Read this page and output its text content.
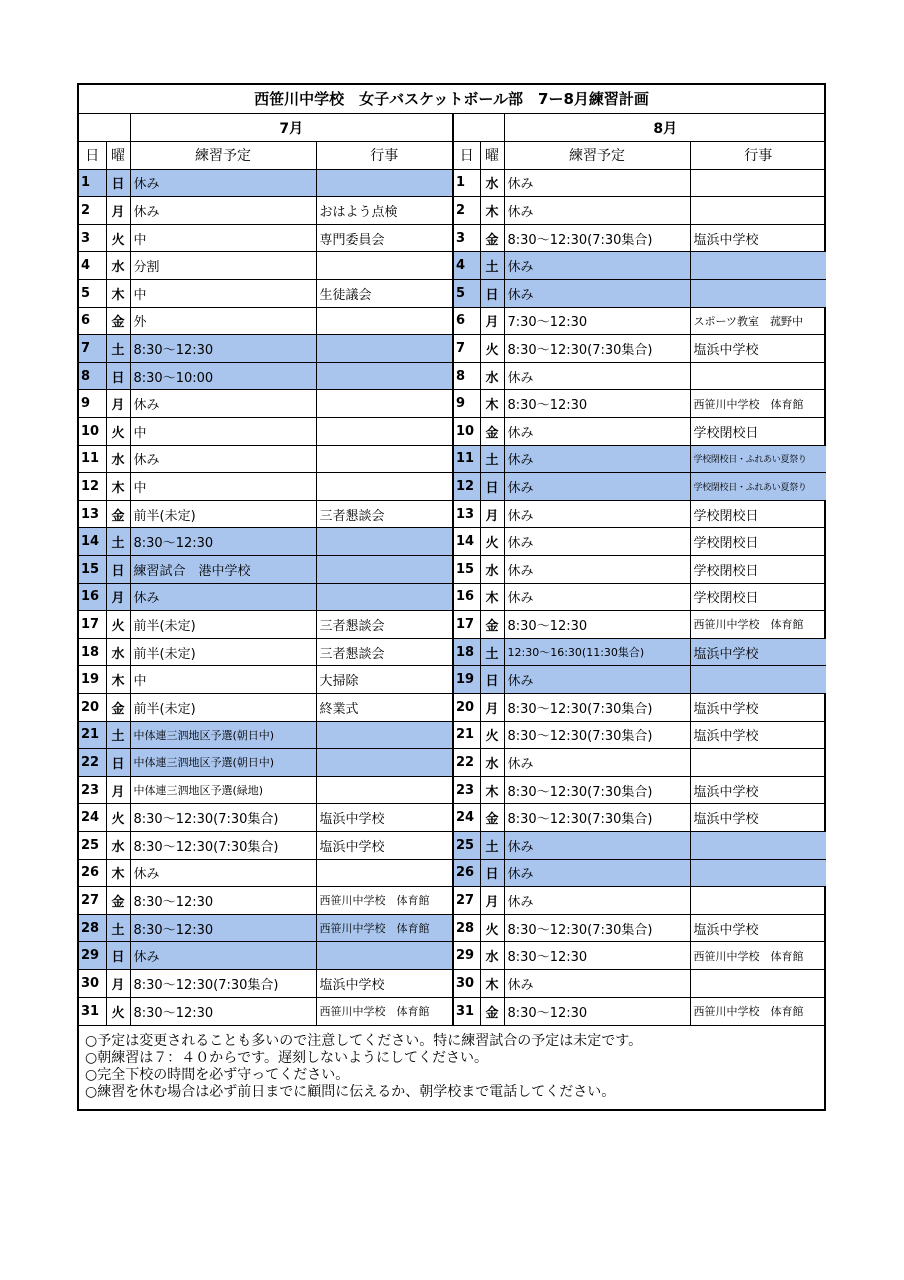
西笹川中学校　女子バスケットボール部　7ー8月練習計画
		7月				8月	
日	曜	練習予定	行事	日	曜	練習予定	行事
1	日	休み		1	水	休み	
2	月	休み	おはよう点検	2	木	休み	
3	火	中	専門委員会	3	金	8:30～12:30(7:30集合)	塩浜中学校
4	水	分割		4	土	休み	
5	木	中	生徒議会	5	日	休み	
6	金	外		6	月	7:30～12:30	スポーツ教室　菰野中
7	土	8:30～12:30		7	火	8:30～12:30(7:30集合)	塩浜中学校
8	日	8:30～10:00		8	水	休み	
9	月	休み		9	木	8:30～12:30	西笹川中学校　体育館
10	火	中		10	金	休み	学校閉校日
11	水	休み		11	土	休み	学校閉校日・ふれあい夏祭り
12	木	中		12	日	休み	学校閉校日・ふれあい夏祭り
13	金	前半(未定)	三者懇談会	13	月	休み	学校閉校日
14	土	8:30～12:30		14	火	休み	学校閉校日
15	日	練習試合　港中学校		15	水	休み	学校閉校日
16	月	休み		16	木	休み	学校閉校日
17	火	前半(未定)	三者懇談会	17	金	8:30～12:30	西笹川中学校　体育館
18	水	前半(未定)	三者懇談会	18	土	12:30～16:30(11:30集合)	塩浜中学校
19	木	中	大掃除	19	日	休み	
20	金	前半(未定)	終業式	20	月	8:30～12:30(7:30集合)	塩浜中学校
21	土	中体連三泗地区予選(朝日中)		21	火	8:30～12:30(7:30集合)	塩浜中学校
22	日	中体連三泗地区予選(朝日中)		22	水	休み	
23	月	中体連三泗地区予選(緑地)		23	木	8:30～12:30(7:30集合)	塩浜中学校
24	火	8:30～12:30(7:30集合)	塩浜中学校	24	金	8:30～12:30(7:30集合)	塩浜中学校
25	水	8:30～12:30(7:30集合)	塩浜中学校	25	土	休み	
26	木	休み		26	日	休み	
27	金	8:30～12:30	西笹川中学校　体育館	27	月	休み	
28	土	8:30～12:30	西笹川中学校　体育館	28	火	8:30～12:30(7:30集合)	塩浜中学校
29	日	休み		29	水	8:30～12:30	西笹川中学校　体育館
30	月	8:30～12:30(7:30集合)	塩浜中学校	30	木	休み	
31	火	8:30～12:30	西笹川中学校　体育館	31	金	8:30～12:30	西笹川中学校　体育館
○予定は変更されることも多いので注意してください。特に練習試合の予定は未定です。
○朝練習は７：４０からです。遅刻しないようにしてください。
○完全下校の時間を必ず守ってください。
○練習を休む場合は必ず前日までに顧問に伝えるか、朝学校まで電話してください。
